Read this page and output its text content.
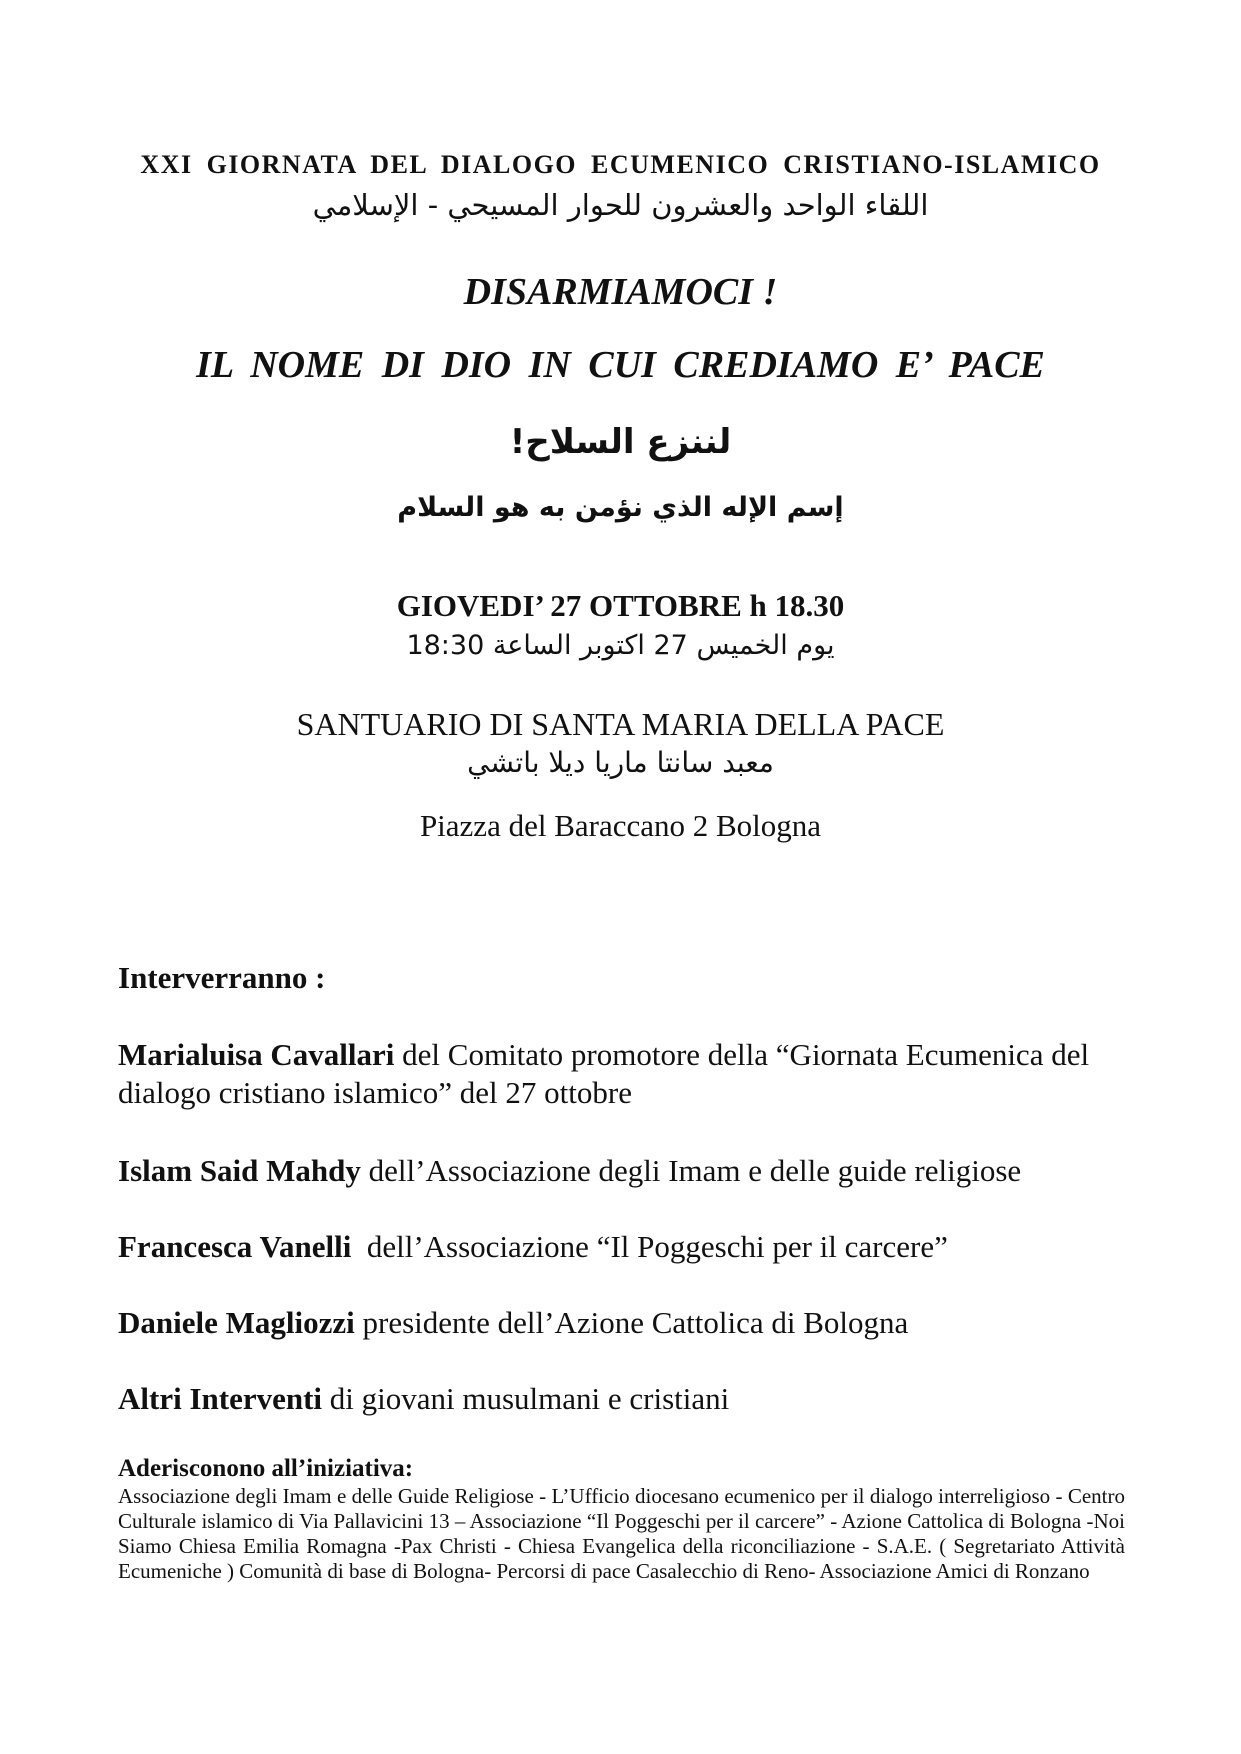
XXI GIORNATA DEL DIALOGO ECUMENICO CRISTIANO-ISLAMICO
اللقاء الواحد والعشرون للحوار المسيحي - الإسلامي
DISARMIAMOCI !
IL NOME DI DIO IN CUI CREDIAMO E’ PACE
لننزع السلاح!
إسم الإله الذي نؤمن به هو السلام
GIOVEDI’ 27 OTTOBRE h 18.30
يوم الخميس 27 اكتوبر الساعة 18:30
SANTUARIO DI SANTA MARIA DELLA PACE
معبد سانتا ماريا ديلا باتشي
Piazza del Baraccano 2 Bologna
Interverranno :
Marialuisa Cavallari del Comitato promotore della “Giornata Ecumenica del dialogo cristiano islamico” del 27 ottobre
Islam Said Mahdy dell’Associazione degli Imam e delle guide religiose
Francesca Vanelli  dell’Associazione “Il Poggeschi per il carcere”
Daniele Magliozzi presidente dell’Azione Cattolica di Bologna
Altri Interventi di giovani musulmani e cristiani
Aderisconono all’iniziativa:
Associazione degli Imam e delle Guide Religiose - L’Ufficio diocesano ecumenico per il dialogo interreligioso - Centro Culturale islamico di Via Pallavicini 13 – Associazione “Il Poggeschi per il carcere” - Azione Cattolica di Bologna -Noi Siamo Chiesa Emilia Romagna -Pax Christi - Chiesa Evangelica della riconciliazione - S.A.E. ( Segretariato Attività Ecumeniche ) Comunità di base di Bologna- Percorsi di pace Casalecchio di Reno- Associazione Amici di Ronzano
